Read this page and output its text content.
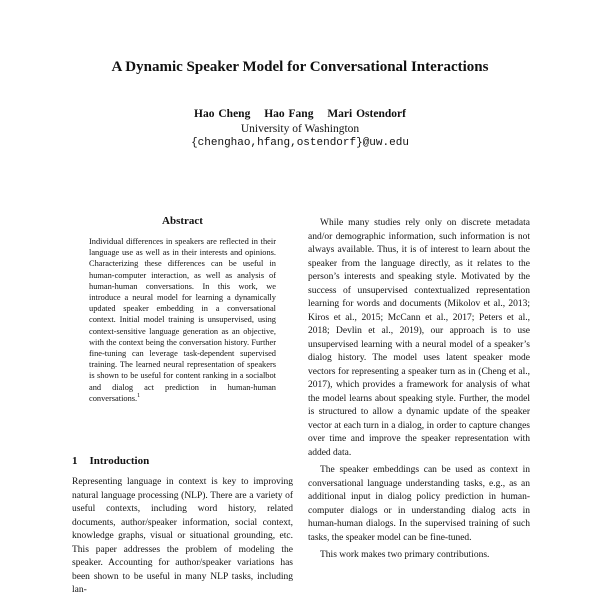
A Dynamic Speaker Model for Conversational Interactions
Hao Cheng Hao Fang Mari Ostendorf
University of Washington
{chenghao,hfang,ostendorf}@uw.edu
Abstract
Individual differences in speakers are reflected in their language use as well as in their interests and opinions. Characterizing these differences can be useful in human-computer interaction, as well as analysis of human-human conversations. In this work, we introduce a neural model for learning a dynamically updated speaker embedding in a conversational context. Initial model training is unsupervised, using context-sensitive language generation as an objective, with the context being the conversation history. Further fine-tuning can leverage task-dependent supervised training. The learned neural representation of speakers is shown to be useful for content ranking in a socialbot and dialog act prediction in human-human conversations.$^1$
1 Introduction

Representing language in context is key to improving natural language processing (NLP). There are a variety of useful contexts, including word history, related documents, author/speaker information, social context, knowledge graphs, visual or situational grounding, etc. This paper addresses the problem of modeling the speaker. Accounting for author/speaker variations has been shown to be useful in many NLP tasks, including lan-

While many studies rely only on discrete metadata and/or demographic information, such information is not always available. Thus, it is of interest to learn about the speaker from the language directly, as it relates to the person’s interests and speaking style. Motivated by the success of unsupervised contextualized representation learning for words and documents (Mikolov et al., 2013; Kiros et al., 2015; McCann et al., 2017; Peters et al., 2018; Devlin et al., 2019), our approach is to use unsupervised learning with a neural model of a speaker’s dialog history. The model uses latent speaker mode vectors for representing a speaker turn as in (Cheng et al., 2017), which provides a framework for analysis of what the model learns about speaking style. Further, the model is structured to allow a dynamic update of the speaker vector at each turn in a dialog, in order to capture changes over time and improve the speaker representation with added data.

The speaker embeddings can be used as context in conversational language understanding tasks, e.g., as an additional input in dialog policy prediction in human-computer dialogs or in understanding dialog acts in human-human dialogs. In the supervised training of such tasks, the speaker model can be fine-tuned.

This work makes two primary contributions.
